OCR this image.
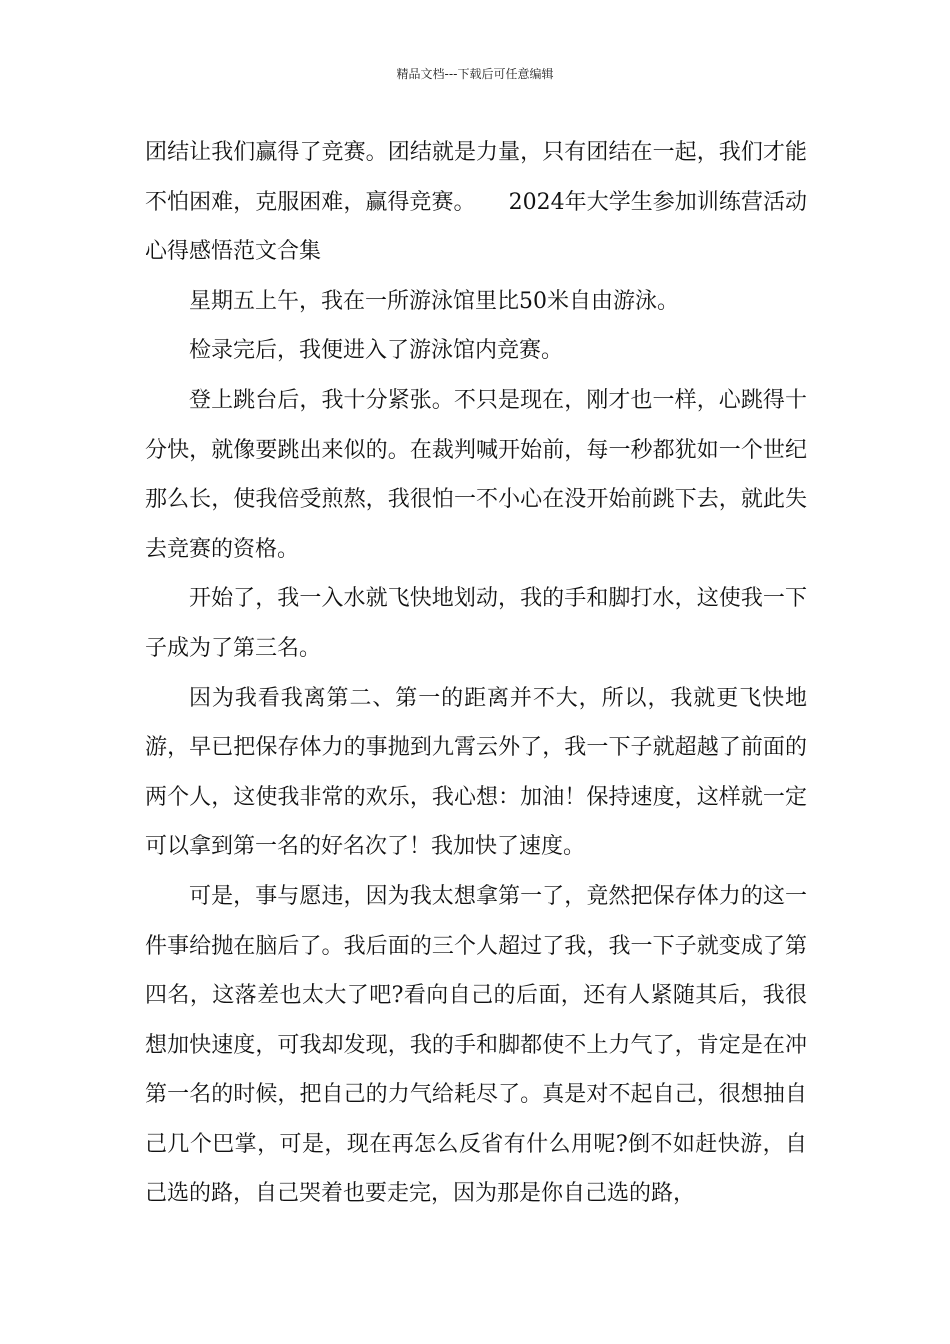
精品文档---下载后可任意编辑

团结让我们赢得了竞赛。团结就是力量，只有团结在一起，我们才能不怕困难，克服困难，赢得竞赛。　　2024年大学生参加训练营活动心得感悟范文合集

星期五上午，我在一所游泳馆里比50米自由游泳。

检录完后，我便进入了游泳馆内竞赛。

登上跳台后，我十分紧张。不只是现在，刚才也一样，心跳得十分快，就像要跳出来似的。在裁判喊开始前，每一秒都犹如一个世纪那么长，使我倍受煎熬，我很怕一不小心在没开始前跳下去，就此失去竞赛的资格。

开始了，我一入水就飞快地划动，我的手和脚打水，这使我一下子成为了第三名。

因为我看我离第二、第一的距离并不大，所以，我就更飞快地游，早已把保存体力的事抛到九霄云外了，我一下子就超越了前面的两个人，这使我非常的欢乐，我心想：加油！保持速度，这样就一定可以拿到第一名的好名次了！我加快了速度。

可是，事与愿违，因为我太想拿第一了，竟然把保存体力的这一件事给抛在脑后了。我后面的三个人超过了我，我一下子就变成了第四名，这落差也太大了吧?看向自己的后面，还有人紧随其后，我很想加快速度，可我却发现，我的手和脚都使不上力气了，肯定是在冲第一名的时候，把自己的力气给耗尽了。真是对不起自己，很想抽自己几个巴掌，可是，现在再怎么反省有什么用呢?倒不如赶快游，自己选的路，自己哭着也要走完，因为那是你自己选的路，
